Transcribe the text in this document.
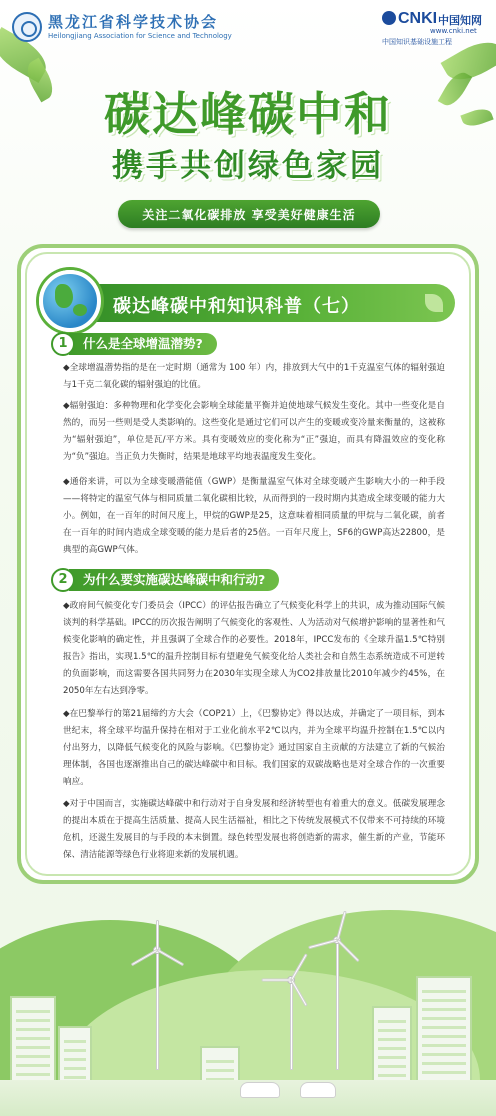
黑龙江省科学技术协会
Heilongjiang Association for Science and Technology
CNKI 中国知网
www.cnki.net
中国知识基础设施工程
碳达峰碳中和
携手共创绿色家园
关注二氧化碳排放 享受美好健康生活
碳达峰碳中和知识科普（七）
什么是全球增温潜势?
1
◆全球增温潜势指的是在一定时期（通常为 100 年）内，排放到大气中的1千克温室气体的辐射强迫与1千克二氧化碳的辐射强迫的比值。
◆辐射强迫：多种物理和化学变化会影响全球能量平衡并迫使地球气候发生变化。其中一些变化是自然的，而另一些则是受人类影响的。这些变化是通过它们可以产生的变暖或变冷量来衡量的，这被称为“辐射强迫”，单位是瓦/平方米。具有变暖效应的变化称为“正”强迫，而具有降温效应的变化称为“负”强迫。当正负力失衡时，结果是地球平均地表温度发生变化。
◆通俗来讲，可以为全球变暖潜能值（GWP）是衡量温室气体对全球变暖产生影响大小的一种手段——将特定的温室气体与相同质量二氧化碳相比较，从而得到的一段时期内其造成全球变暖的能力大小。例如，在一百年的时间尺度上，甲烷的GWP是25，这意味着相同质量的甲烷与二氧化碳，前者在一百年的时间内造成全球变暖的能力是后者的25倍。一百年尺度上，SF6的GWP高达22800，是典型的高GWP气体。
为什么要实施碳达峰碳中和行动?
2
◆政府间气候变化专门委员会（IPCC）的评估报告确立了气候变化科学上的共识，成为推动国际气候谈判的科学基础。IPCC的历次报告阐明了气候变化的客观性、人为活动对气候增护影响的显著性和气候变化影响的确定性，并且强调了全球合作的必要性。2018年，IPCC发布的《全球升温1.5℃特别报告》指出，实现1.5℃的温升控制目标有望避免气候变化给人类社会和自然生态系统造成不可逆转的负面影响，而这需要各国共同努力在2030年实现全球人为CO2排放量比2010年减少约45%，在2050年左右达到净零。
◆在巴黎举行的第21届缔约方大会（COP21）上，《巴黎协定》得以达成，并确定了一项目标，到本世纪末，将全球平均温升保持在相对于工业化前水平2℃以内，并为全球平均温升控制在1.5℃以内付出努力，以降低气候变化的风险与影响。《巴黎协定》通过国家自主贡献的方法建立了新的气候治理体制，各国也逐渐推出自己的碳达峰碳中和目标。我们国家的双碳战略也是对全球合作的一次重要响应。
◆对于中国而言，实施碳达峰碳中和行动对于自身发展和经济转型也有着重大的意义。低碳发展理念的提出本质在于提高生活质量、提高人民生活福祉，相比之下传统发展模式不仅带来不可持续的环境危机，还滋生发展目的与手段的本末倒置。绿色转型发展也将创造新的需求，催生新的产业，节能环保、清洁能源等绿色行业将迎来新的发展机遇。
